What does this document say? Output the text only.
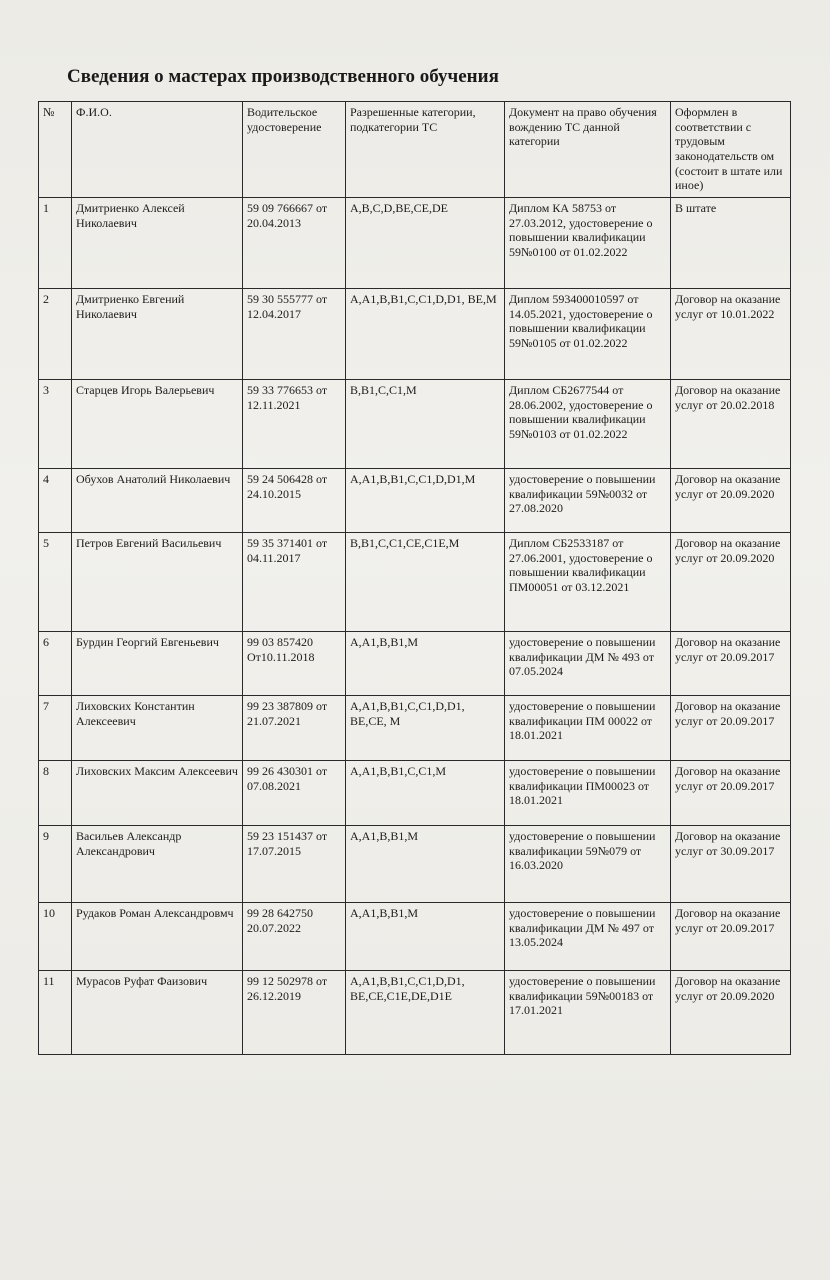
Сведения о мастерах производственного обучения
№	Ф.И.О.	Водительское удостоверение	Разрешенные категории, подкатегории ТС	Документ на право обучения вождению ТС данной категории	Оформлен в соответствии с трудовым законодательств ом (состоит в штате или иное)
1	Дмитриенко Алексей Николаевич	59 09 766667 от 20.04.2013	A,B,C,D,BE,CE,DE	Диплом КА 58753 от 27.03.2012, удостоверение о повышении квалификации 59№0100 от 01.02.2022	В штате
2	Дмитриенко Евгений Николаевич	59 30 555777 от 12.04.2017	A,A1,B,B1,C,C1,D,D1, BE,M	Диплом 593400010597 от 14.05.2021, удостоверение о повышении квалификации 59№0105 от 01.02.2022	Договор на оказание услуг от 10.01.2022
3	Старцев Игорь Валерьевич	59 33 776653 от 12.11.2021	B,B1,C,C1,M	Диплом СБ2677544 от 28.06.2002, удостоверение о повышении квалификации 59№0103 от 01.02.2022	Договор на оказание услуг от 20.02.2018
4	Обухов Анатолий Николаевич	59 24 506428 от 24.10.2015	A,A1,B,B1,C,C1,D,D1,M	удостоверение о повышении квалификации 59№0032 от 27.08.2020	Договор на оказание услуг от 20.09.2020
5	Петров Евгений Васильевич	59 35 371401 от 04.11.2017	B,B1,C,C1,CE,C1E,M	Диплом СБ2533187 от 27.06.2001, удостоверение о повышении квалификации ПМ00051 от 03.12.2021	Договор на оказание услуг от 20.09.2020
6	Бурдин Георгий Евгеньевич	99 03 857420 От10.11.2018	A,A1,B,B1,M	удостоверение о повышении квалификации ДМ № 493 от 07.05.2024	Договор на оказание услуг от 20.09.2017
7	Лиховских Константин Алексеевич	99 23 387809 от 21.07.2021	A,A1,B,B1,C,C1,D,D1, BE,CE, M	удостоверение о повышении квалификации ПМ 00022 от 18.01.2021	Договор на оказание услуг от 20.09.2017
8	Лиховских Максим Алексеевич	99 26 430301 от 07.08.2021	A,A1,B,B1,C,C1,M	удостоверение о повышении квалификации ПМ00023 от 18.01.2021	Договор на оказание услуг от 20.09.2017
9	Васильев Александр Александрович	59 23 151437 от 17.07.2015	A,A1,B,B1,M	удостоверение о повышении квалификации 59№079 от 16.03.2020	Договор на оказание услуг от 30.09.2017
10	Рудаков Роман Александровмч	99 28 642750 20.07.2022	A,A1,B,B1,M	удостоверение о повышении квалификации ДМ № 497 от 13.05.2024	Договор на оказание услуг от 20.09.2017
11	Мурасов Руфат Фаизович	99 12 502978 от 26.12.2019	A,A1,B,B1,C,C1,D,D1, BE,CE,C1E,DE,D1E	удостоверение о повышении квалификации 59№00183 от 17.01.2021	Договор на оказание услуг от 20.09.2020
